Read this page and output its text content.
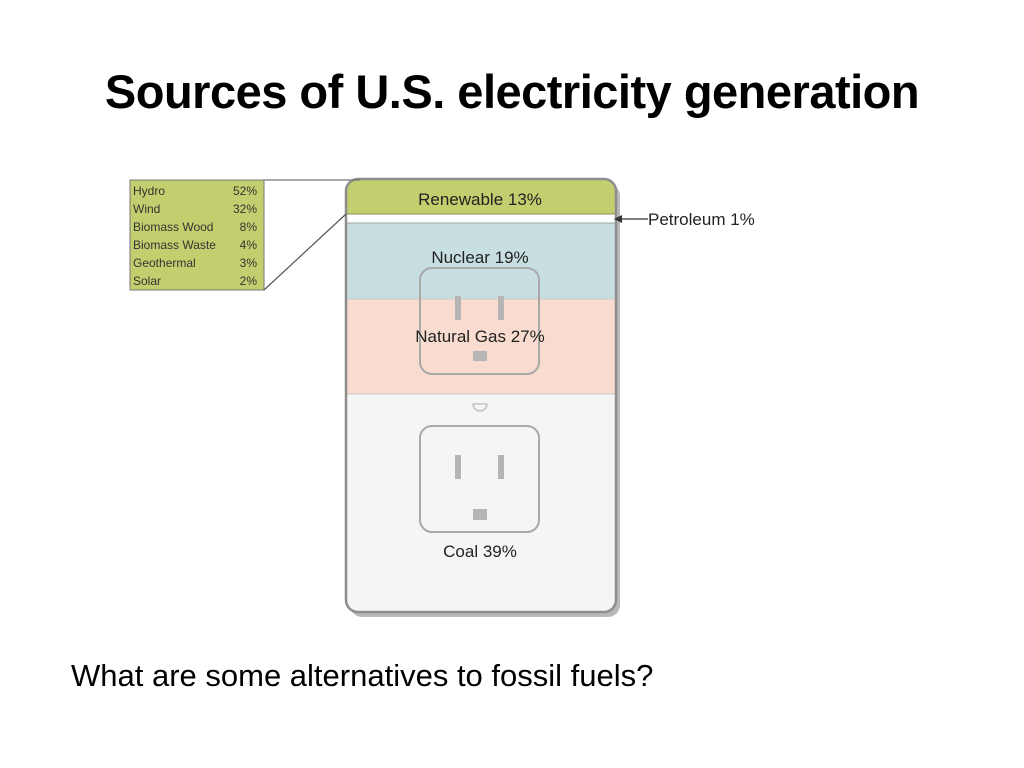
Sources of U.S. electricity generation
Renewable 13%
Nuclear 19%
Natural Gas 27%
Coal 39%
Petroleum 1%
Hydro	52%
Wind	32%
Biomass Wood 8%
Biomass Waste 4%
Geothermal	3%
Solar	2%

What are some alternatives to fossil fuels?
